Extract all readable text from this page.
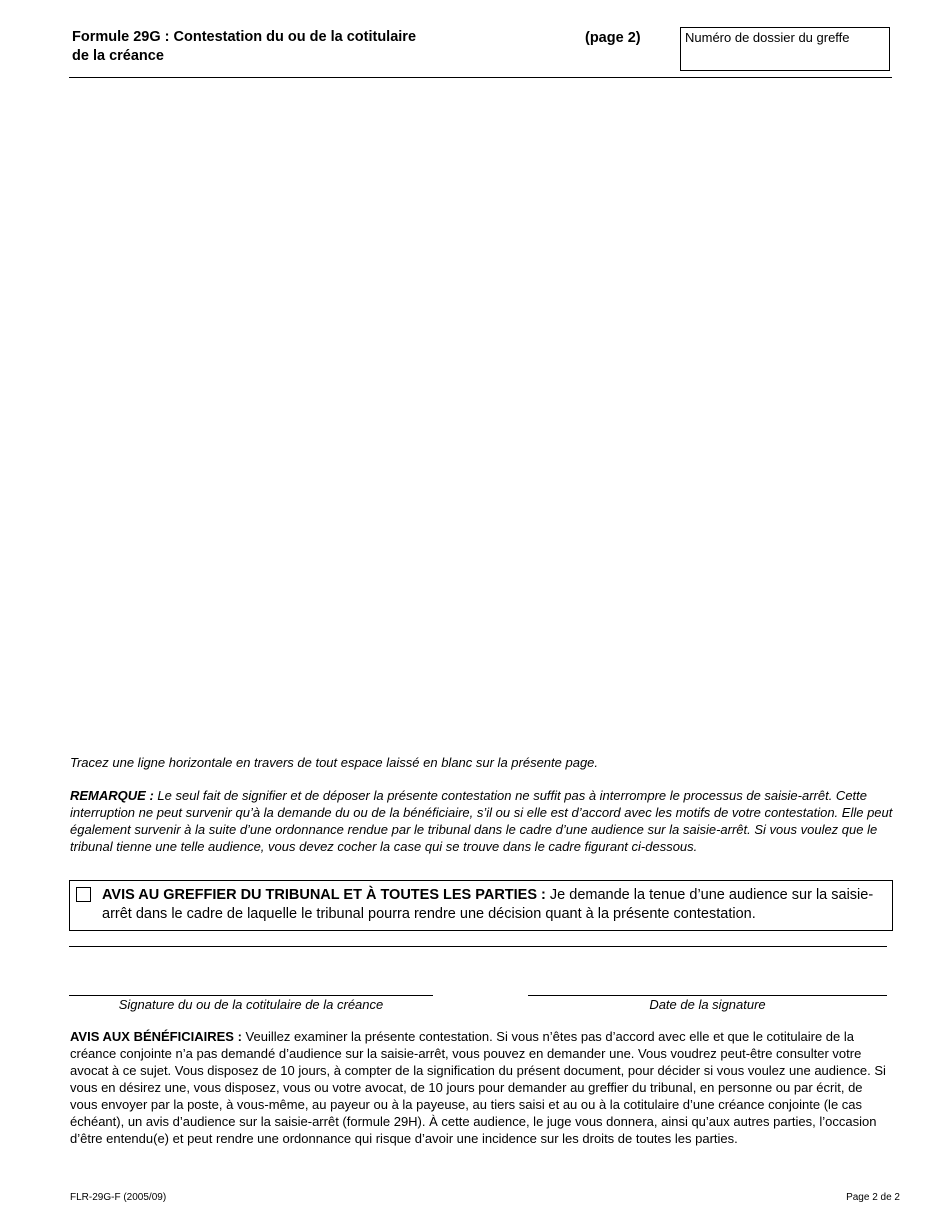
Formule 29G : Contestation du ou de la cotitulaire
de la créance
(page 2)	Numéro de dossier du greffe
Tracez une ligne horizontale en travers de tout espace laissé en blanc sur la présente page.
REMARQUE : Le seul fait de signifier et de déposer la présente contestation ne suffit pas à interrompre le processus de saisie-arrêt. Cette interruption ne peut survenir qu’à la demande du ou de la bénéficiaire, s’il ou si elle est d’accord avec les motifs de votre contestation. Elle peut également survenir à la suite d’une ordonnance rendue par le tribunal dans le cadre d’une audience sur la saisie-arrêt. Si vous voulez que le tribunal tienne une telle audience, vous devez cocher la case qui se trouve dans le cadre figurant ci-dessous.
AVIS AU GREFFIER DU TRIBUNAL ET À TOUTES LES PARTIES : Je demande la tenue d’une audience sur la saisie-arrêt dans le cadre de laquelle le tribunal pourra rendre une décision quant à la présente contestation.
Signature du ou de la cotitulaire de la créance	Date de la signature
AVIS AUX BÉNÉFICIAIRES : Veuillez examiner la présente contestation. Si vous n’êtes pas d’accord avec elle et que le cotitulaire de la créance conjointe n’a pas demandé d’audience sur la saisie-arrêt, vous pouvez en demander une. Vous voudrez peut-être consulter votre avocat à ce sujet. Vous disposez de 10 jours, à compter de la signification du présent document, pour décider si vous voulez une audience. Si vous en désirez une, vous disposez, vous ou votre avocat, de 10 jours pour demander au greffier du tribunal, en personne ou par écrit, de vous envoyer par la poste, à vous-même, au payeur ou à la payeuse, au tiers saisi et au ou à la cotitulaire d’une créance conjointe (le cas échéant), un avis d’audience sur la saisie-arrêt (formule 29H). À cette audience, le juge vous donnera, ainsi qu’aux autres parties, l’occasion d’être entendu(e) et peut rendre une ordonnance qui risque d’avoir une incidence sur les droits de toutes les parties.
FLR-29G-F (2005/09)	Page 2 de 2
